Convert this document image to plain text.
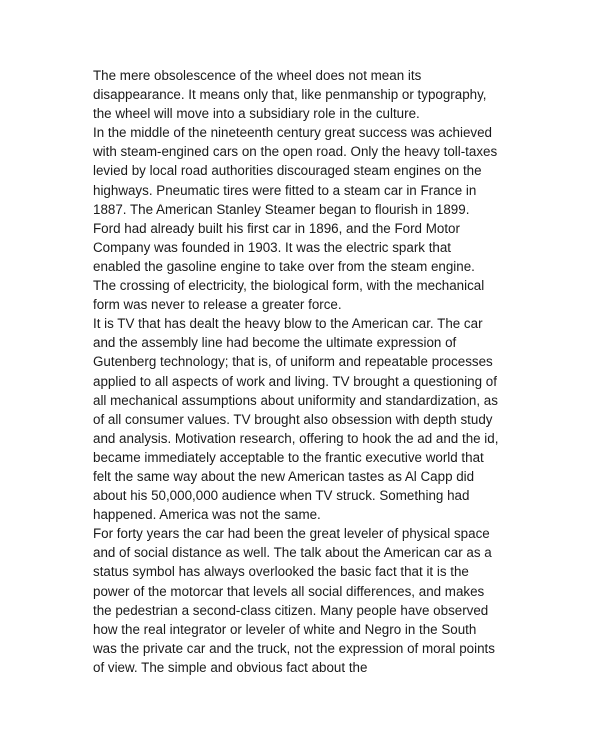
The mere obsolescence of the wheel does not mean its
disappearance. It means only that, like penmanship or typography,
the wheel will move into a subsidiary role in the culture.
In the middle of the nineteenth century great success was achieved
with steam-engined cars on the open road. Only the heavy toll-taxes
levied by local road authorities discouraged steam engines on the
highways. Pneumatic tires were fitted to a steam car in France in
1887. The American Stanley Steamer began to flourish in 1899.
Ford had already built his first car in 1896, and the Ford Motor
Company was founded in 1903. It was the electric spark that
enabled the gasoline engine to take over from the steam engine.
The crossing of electricity, the biological form, with the mechanical
form was never to release a greater force.
It is TV that has dealt the heavy blow to the American car. The car
and the assembly line had become the ultimate expression of
Gutenberg technology; that is, of uniform and repeatable processes
applied to all aspects of work and living. TV brought a questioning of
all mechanical assumptions about uniformity and standardization, as
of all consumer values. TV brought also obsession with depth study
and analysis. Motivation research, offering to hook the ad and the id,
became immediately acceptable to the frantic executive world that
felt the same way about the new American tastes as Al Capp did
about his 50,000,000 audience when TV struck. Something had
happened. America was not the same.
For forty years the car had been the great leveler of physical space
and of social distance as well. The talk about the American car as a
status symbol has always overlooked the basic fact that it is the
power of the motorcar that levels all social differences, and makes
the pedestrian a second-class citizen. Many people have observed
how the real integrator or leveler of white and Negro in the South
was the private car and the truck, not the expression of moral points
of view. The simple and obvious fact about the
